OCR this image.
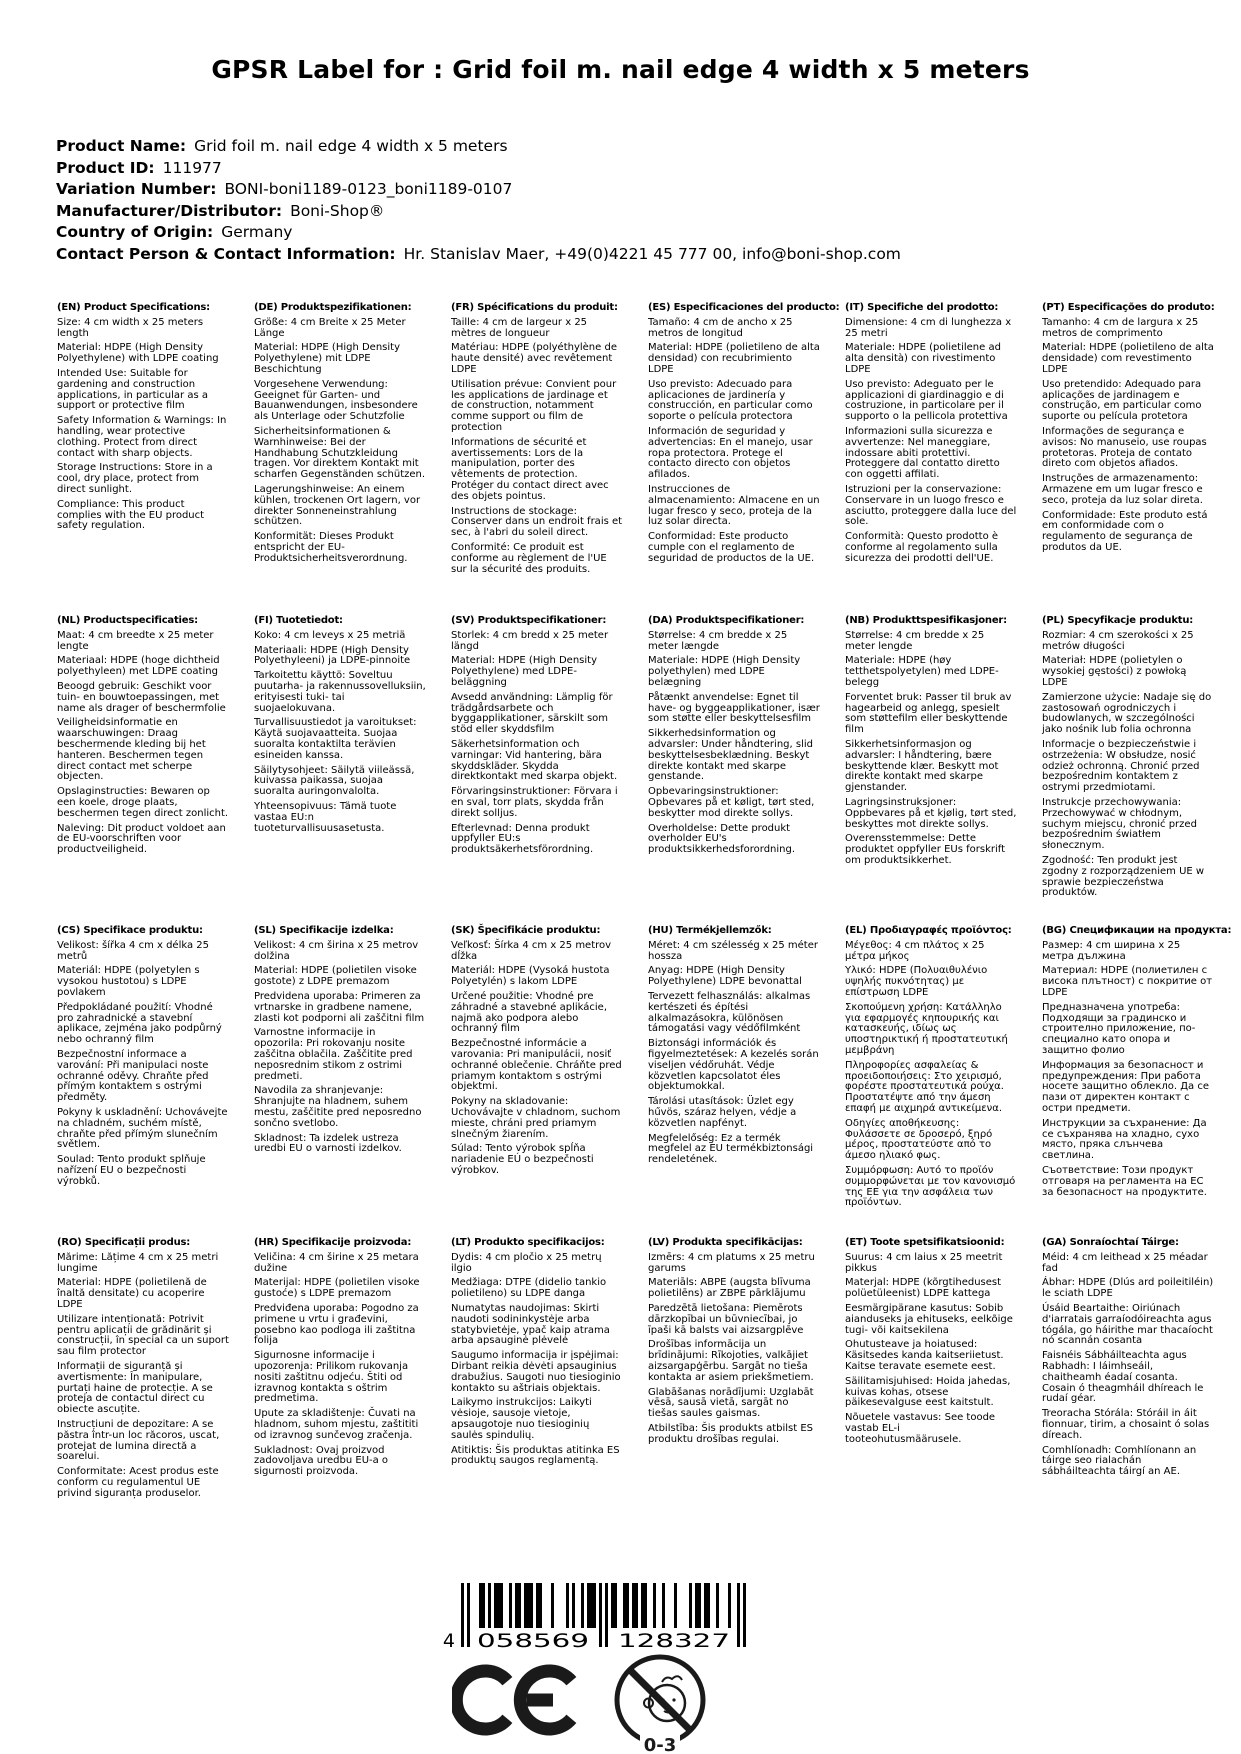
GPSR Label for : Grid foil m. nail edge 4 width x 5 meters
Product Name: Grid foil m. nail edge 4 width x 5 meters
Product ID: 111977
Variation Number: BONI-boni1189-0123_boni1189-0107
Manufacturer/Distributor: Boni-Shop®
Country of Origin: Germany
Contact Person & Contact Information: Hr. Stanislav Maer, +49(0)4221 45 777 00, info@boni-shop.com
(EN) Product Specifications:

Size: 4 cm width x 25 meters length

Material: HDPE (High Density Polyethylene) with LDPE coating

Intended Use: Suitable for gardening and construction applications, in particular as a support or protective film

Safety Information & Warnings: In handling, wear protective clothing. Protect from direct contact with sharp objects.

Storage Instructions: Store in a cool, dry place, protect from direct sunlight.

Compliance: This product complies with the EU product safety regulation.

(DE) Produktspezifikationen:

Größe: 4 cm Breite x 25 Meter Länge

Material: HDPE (High Density Polyethylene) mit LDPE Beschichtung

Vorgesehene Verwendung: Geeignet für Garten- und Bauanwendungen, insbesondere als Unterlage oder Schutzfolie

Sicherheitsinformationen & Warnhinweise: Bei der Handhabung Schutzkleidung tragen. Vor direktem Kontakt mit scharfen Gegenständen schützen.

Lagerungshinweise: An einem kühlen, trockenen Ort lagern, vor direkter Sonneneinstrahlung schützen.

Konformität: Dieses Produkt entspricht der EU-Produktsicherheitsverordnung.

(FR) Spécifications du produit:

Taille: 4 cm de largeur x 25 mètres de longueur

Matériau: HDPE (polyéthylène de haute densité) avec revêtement LDPE

Utilisation prévue: Convient pour les applications de jardinage et de construction, notamment comme support ou film de protection

Informations de sécurité et avertissements: Lors de la manipulation, porter des vêtements de protection. Protéger du contact direct avec des objets pointus.

Instructions de stockage: Conserver dans un endroit frais et sec, à l'abri du soleil direct.

Conformité: Ce produit est conforme au règlement de l'UE sur la sécurité des produits.

(ES) Especificaciones del producto:

Tamaño: 4 cm de ancho x 25 metros de longitud

Material: HDPE (polietileno de alta densidad) con recubrimiento LDPE

Uso previsto: Adecuado para aplicaciones de jardinería y construcción, en particular como soporte o película protectora

Información de seguridad y advertencias: En el manejo, usar ropa protectora. Protege el contacto directo con objetos afilados.

Instrucciones de almacenamiento: Almacene en un lugar fresco y seco, proteja de la luz solar directa.

Conformidad: Este producto cumple con el reglamento de seguridad de productos de la UE.

(IT) Specifiche del prodotto:

Dimensione: 4 cm di lunghezza x 25 metri

Materiale: HDPE (polietilene ad alta densità) con rivestimento LDPE

Uso previsto: Adeguato per le applicazioni di giardinaggio e di costruzione, in particolare per il supporto o la pellicola protettiva

Informazioni sulla sicurezza e avvertenze: Nel maneggiare, indossare abiti protettivi. Proteggere dal contatto diretto con oggetti affilati.

Istruzioni per la conservazione: Conservare in un luogo fresco e asciutto, proteggere dalla luce del sole.

Conformità: Questo prodotto è conforme al regolamento sulla sicurezza dei prodotti dell'UE.

(PT) Especificações do produto:

Tamanho: 4 cm de largura x 25 metros de comprimento

Material: HDPE (polietileno de alta densidade) com revestimento LDPE

Uso pretendido: Adequado para aplicações de jardinagem e construção, em particular como suporte ou película protetora

Informações de segurança e avisos: No manuseio, use roupas protetoras. Proteja de contato direto com objetos afiados.

Instruções de armazenamento: Armazene em um lugar fresco e seco, proteja da luz solar direta.

Conformidade: Este produto está em conformidade com o regulamento de segurança de produtos da UE.

(NL) Productspecificaties:

Maat: 4 cm breedte x 25 meter lengte

Materiaal: HDPE (hoge dichtheid polyethyleen) met LDPE coating

Beoogd gebruik: Geschikt voor tuin- en bouwtoepassingen, met name als drager of beschermfolie

Veiligheidsinformatie en waarschuwingen: Draag beschermende kleding bij het hanteren. Beschermen tegen direct contact met scherpe objecten.

Opslaginstructies: Bewaren op een koele, droge plaats, beschermen tegen direct zonlicht.

Naleving: Dit product voldoet aan de EU-voorschriften voor productveiligheid.

(FI) Tuotetiedot:

Koko: 4 cm leveys x 25 metriä

Materiaali: HDPE (High Density Polyethyleeni) ja LDPE-pinnoite

Tarkoitettu käyttö: Soveltuu puutarha- ja rakennussovelluksiin, erityisesti tuki- tai suojaelokuvana.

Turvallisuustiedot ja varoitukset: Käytä suojavaatteita. Suojaa suoralta kontaktilta terävien esineiden kanssa.

Säilytysohjeet: Säilytä viileässä, kuivassa paikassa, suojaa suoralta auringonvalolta.

Yhteensopivuus: Tämä tuote vastaa EU:n tuoteturvallisuusasetusta.

(SV) Produktspecifikationer:

Storlek: 4 cm bredd x 25 meter längd

Material: HDPE (High Density Polyethylene) med LDPE-beläggning

Avsedd användning: Lämplig för trädgårdsarbete och byggapplikationer, särskilt som stöd eller skyddsfilm

Säkerhetsinformation och varningar: Vid hantering, bära skyddskläder. Skydda direktkontakt med skarpa objekt.

Förvaringsinstruktioner: Förvara i en sval, torr plats, skydda från direkt solljus.

Efterlevnad: Denna produkt uppfyller EU:s produktsäkerhetsförordning.

(DA) Produktspecifikationer:

Størrelse: 4 cm bredde x 25 meter længde

Materiale: HDPE (High Density polyethylen) med LDPE belægning

Påtænkt anvendelse: Egnet til have- og byggeapplikationer, især som støtte eller beskyttelsesfilm

Sikkerhedsinformation og advarsler: Under håndtering, slid beskyttelsesbeklædning. Beskyt direkte kontakt med skarpe genstande.

Opbevaringsinstruktioner: Opbevares på et køligt, tørt sted, beskytter mod direkte sollys.

Overholdelse: Dette produkt overholder EU's produktsikkerhedsforordning.

(NB) Produkttspesifikasjoner:

Størrelse: 4 cm bredde x 25 meter lengde

Materiale: HDPE (høy tetthetspolyetylen) med LDPE-belegg

Forventet bruk: Passer til bruk av hagearbeid og anlegg, spesielt som støttefilm eller beskyttende film

Sikkerhetsinformasjon og advarsler: I håndtering, bære beskyttende klær. Beskytt mot direkte kontakt med skarpe gjenstander.

Lagringsinstruksjoner: Oppbevares på et kjølig, tørt sted, beskyttes mot direkte sollys.

Overensstemmelse: Dette produktet oppfyller EUs forskrift om produktsikkerhet.

(PL) Specyfikacje produktu:

Rozmiar: 4 cm szerokości x 25 metrów długości

Materiał: HDPE (polietylen o wysokiej gęstości) z powłoką LDPE

Zamierzone użycie: Nadaje się do zastosowań ogrodniczych i budowlanych, w szczególności jako nośnik lub folia ochronna

Informacje o bezpieczeństwie i ostrzeżenia: W obsłudze, nosić odzież ochronną. Chronić przed bezpośrednim kontaktem z ostrymi przedmiotami.

Instrukcje przechowywania: Przechowywać w chłodnym, suchym miejscu, chronić przed bezpośrednim światłem słonecznym.

Zgodność: Ten produkt jest zgodny z rozporządzeniem UE w sprawie bezpieczeństwa produktów.

(CS) Specifikace produktu:

Velikost: šířka 4 cm x délka 25 metrů

Materiál: HDPE (polyetylen s vysokou hustotou) s LDPE povlakem

Předpokládané použití: Vhodné pro zahradnické a stavební aplikace, zejména jako podpůrný nebo ochranný film

Bezpečnostní informace a varování: Při manipulaci noste ochranné oděvy. Chraňte před přímým kontaktem s ostrými předměty.

Pokyny k uskladnění: Uchovávejte na chladném, suchém místě, chraňte před přímým slunečním světlem.

Soulad: Tento produkt splňuje nařízení EU o bezpečnosti výrobků.

(SL) Specifikacije izdelka:

Velikost: 4 cm širina x 25 metrov dolžina

Material: HDPE (polietilen visoke gostote) z LDPE premazom

Predvidena uporaba: Primeren za vrtnarske in gradbene namene, zlasti kot podporni ali zaščitni film

Varnostne informacije in opozorila: Pri rokovanju nosite zaščitna oblačila. Zaščitite pred neposrednim stikom z ostrimi predmeti.

Navodila za shranjevanje: Shranjujte na hladnem, suhem mestu, zaščitite pred neposredno sončno svetlobo.

Skladnost: Ta izdelek ustreza uredbi EU o varnosti izdelkov.

(SK) Špecifikácie produktu:

Veľkosť: Šírka 4 cm x 25 metrov dĺžka

Materiál: HDPE (Vysoká hustota Polyetylén) s lakom LDPE

Určené použitie: Vhodné pre záhradné a stavebné aplikácie, najmä ako podpora alebo ochranný film

Bezpečnostné informácie a varovania: Pri manipulácii, nosiť ochranné oblečenie. Chráňte pred priamym kontaktom s ostrými objektmi.

Pokyny na skladovanie: Uchovávajte v chladnom, suchom mieste, chráni pred priamym slnečným žiarením.

Súlad: Tento výrobok spĺňa nariadenie EÚ o bezpečnosti výrobkov.

(HU) Termékjellemzők:

Méret: 4 cm szélesség x 25 méter hossza

Anyag: HDPE (High Density Polyethylene) LDPE bevonattal

Tervezett felhasználás: alkalmas kertészeti és építési alkalmazásokra, különösen támogatási vagy védőfilmként

Biztonsági információk és figyelmeztetések: A kezelés során viseljen védőruhát. Védje közvetlen kapcsolatot éles objektumokkal.

Tárolási utasítások: Üzlet egy hűvös, száraz helyen, védje a közvetlen napfényt.

Megfelelőség: Ez a termék megfelel az EU termékbiztonsági rendeletének.

(EL) Προδιαγραφές προϊόντος:

Μέγεθος: 4 cm πλάτος x 25 μέτρα μήκος

Υλικό: HDPE (Πολυαιθυλένιο υψηλής πυκνότητας) με επίστρωση LDPE

Σκοπούμενη χρήση: Κατάλληλο για εφαρμογές κηπουρικής και κατασκευής, ιδίως ως υποστηρικτική ή προστατευτική μεμβράνη

Πληροφορίες ασφαλείας & προειδοποιήσεις: Στο χειρισμό, φορέστε προστατευτικά ρούχα. Προστατέψτε από την άμεση επαφή με αιχμηρά αντικείμενα.

Οδηγίες αποθήκευσης: Φυλάσσετε σε δροσερό, ξηρό μέρος, προστατεύστε από το άμεσο ηλιακό φως.

Συμμόρφωση: Αυτό το προϊόν συμμορφώνεται με τον κανονισμό της ΕΕ για την ασφάλεια των προϊόντων.

(BG) Спецификации на продукта:

Размер: 4 cm ширина x 25 метра дължина

Материал: HDPE (полиетилен с висока плътност) с покритие от LDPE

Предназначена употреба: Подходящи за градинско и строително приложение, по-специално като опора и защитно фолио

Информация за безопасност и предупреждения: При работа носете защитно облекло. Да се пази от директен контакт с остри предмети.

Инструкции за съхранение: Да се съхранява на хладно, сухо място, пряка слънчева светлина.

Съответствие: Този продукт отговаря на регламента на ЕС за безопасност на продуктите.

(RO) Specificații produs:

Mărime: Lățime 4 cm x 25 metri lungime

Material: HDPE (polietilenă de înaltă densitate) cu acoperire LDPE

Utilizare intenționată: Potrivit pentru aplicații de grădinărit și construcții, în special ca un suport sau film protector

Informații de siguranță și avertismente: În manipulare, purtați haine de protecție. A se proteja de contactul direct cu obiecte ascuțite.

Instrucțiuni de depozitare: A se păstra într-un loc răcoros, uscat, protejat de lumina directă a soarelui.

Conformitate: Acest produs este conform cu regulamentul UE privind siguranța produselor.

(HR) Specifikacije proizvoda:

Veličina: 4 cm širine x 25 metara dužine

Materijal: HDPE (polietilen visoke gustoće) s LDPE premazom

Predviđena uporaba: Pogodno za primene u vrtu i građevini, posebno kao podloga ili zaštitna folija

Sigurnosne informacije i upozorenja: Prilikom rukovanja nositi zaštitnu odjeću. Štiti od izravnog kontakta s oštrim predmetima.

Upute za skladištenje: Čuvati na hladnom, suhom mjestu, zaštititi od izravnog sunčevog zračenja.

Sukladnost: Ovaj proizvod zadovoljava uredbu EU-a o sigurnosti proizvoda.

(LT) Produkto specifikacijos:

Dydis: 4 cm pločio x 25 metrų ilgio

Medžiaga: DTPE (didelio tankio polietileno) su LDPE danga

Numatytas naudojimas: Skirti naudoti sodininkystėje arba statybvietėje, ypač kaip atrama arba apsauginė plėvelė

Saugumo informacija ir įspėjimai: Dirbant reikia dėvėti apsauginius drabužius. Saugoti nuo tiesioginio kontakto su aštriais objektais.

Laikymo instrukcijos: Laikyti vėsioje, sausoje vietoje, apsaugotoje nuo tiesioginių saulės spindulių.

Atitiktis: Šis produktas atitinka ES produktų saugos reglamentą.

(LV) Produkta specifikācijas:

Izmērs: 4 cm platums x 25 metru garums

Materiāls: ABPE (augsta blīvuma polietilēns) ar ZBPE pārklājumu

Paredzētā lietošana: Piemērots dārzkopībai un būvniecībai, jo īpaši kā balsts vai aizsargplēve

Drošības informācija un brīdinājumi: Rīkojoties, valkājiet aizsargapģērbu. Sargāt no tieša kontakta ar asiem priekšmetiem.

Glabāšanas norādījumi: Uzglabāt vēsā, sausā vietā, sargāt no tiešas saules gaismas.

Atbilstība: Šis produkts atbilst ES produktu drošības regulai.

(ET) Toote spetsifikatsioonid:

Suurus: 4 cm laius x 25 meetrit pikkus

Materjal: HDPE (kõrgtihedusest polüetüleenist) LDPE kattega

Eesmärgipärane kasutus: Sobib aianduseks ja ehituseks, eelkõige tugi- või kaitsekilena

Ohutusteave ja hoiatused: Käsitsedes kanda kaitseriietust. Kaitse teravate esemete eest.

Säilitamisjuhised: Hoida jahedas, kuivas kohas, otsese päikesevalguse eest kaitstult.

Nõuetele vastavus: See toode vastab EL-i tooteohutusmäärusele.

(GA) Sonraíochtaí Táirge:

Méid: 4 cm leithead x 25 méadar fad

Ábhar: HDPE (Dlús ard poileitiléin) le sciath LDPE

Úsáid Beartaithe: Oiriúnach d'iarratais garraíodóireachta agus tógála, go háirithe mar thacaíocht nó scannán cosanta

Faisnéis Sábháilteachta agus Rabhadh: I láimhseáil, chaitheamh éadaí cosanta. Cosain ó theagmháil dhíreach le rudaí géar.

Treoracha Stórála: Stóráil in áit fionnuar, tirim, a chosaint ó solas díreach.

Comhlíonadh: Comhlíonann an táirge seo rialachán sábháilteachta táirgí an AE.

4 058569 128327
0-3
